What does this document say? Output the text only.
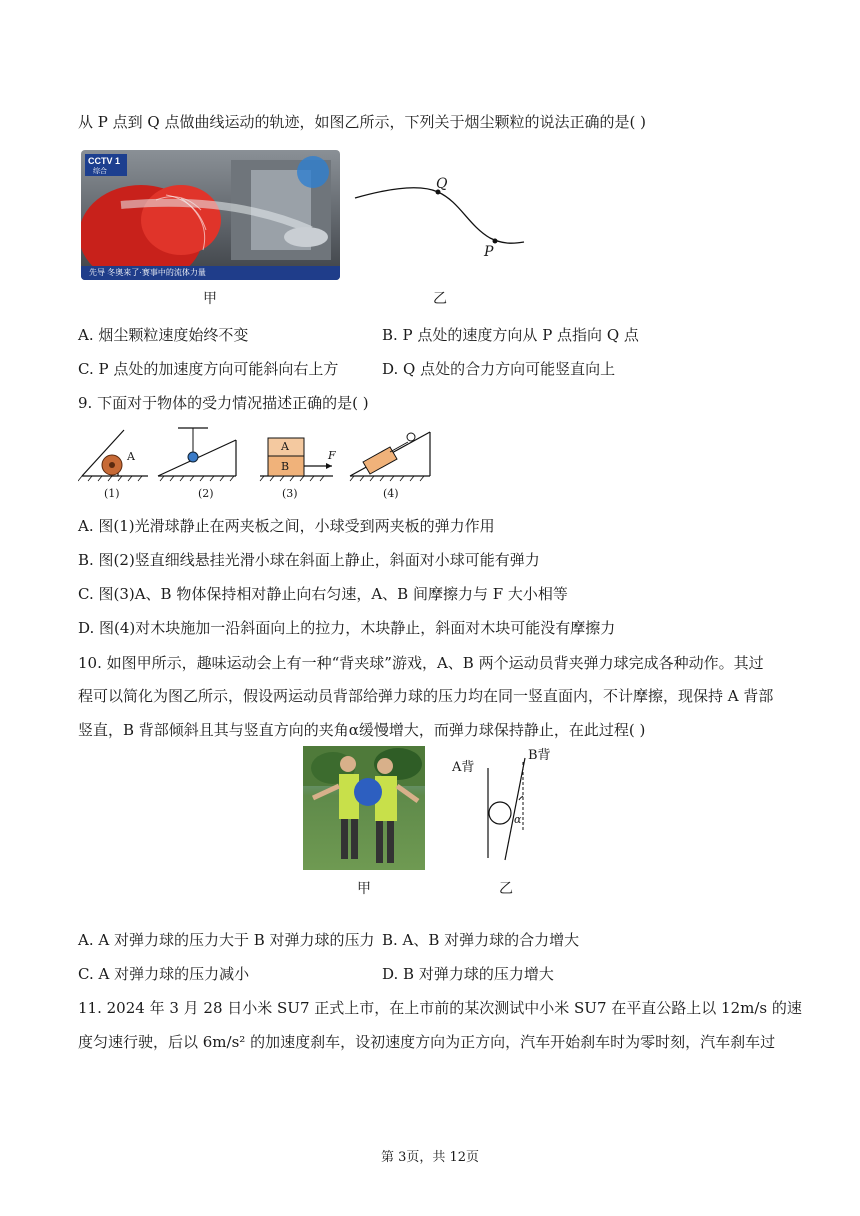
从 P 点到 Q 点做曲线运动的轨迹，如图乙所示，下列关于烟尘颗粒的说法正确的是( )
CCTV 1
综合
先导 冬奥来了·赛事中的流体力量
甲
Q
P
乙
A. 烟尘颗粒速度始终不变	B. P 点处的速度方向从 P 点指向 Q 点
C. P 点处的加速度方向可能斜向右上方	D. Q 点处的合力方向可能竖直向上
9. 下面对于物体的受力情况描述正确的是( )
A
A
B
F
(1)	(2)	(3)	(4)
A. 图(1)光滑球静止在两夹板之间，小球受到两夹板的弹力作用
B. 图(2)竖直细线悬挂光滑小球在斜面上静止，斜面对小球可能有弹力
C. 图(3)A、B 物体保持相对静止向右匀速，A、B 间摩擦力与 F 大小相等
D. 图(4)对木块施加一沿斜面向上的拉力，木块静止，斜面对木块可能没有摩擦力
10. 如图甲所示，趣味运动会上有一种“背夹球”游戏，A、B 两个运动员背夹弹力球完成各种动作。其过
程可以简化为图乙所示，假设两运动员背部给弹力球的压力均在同一竖直面内，不计摩擦，现保持 A 背部
竖直，B 背部倾斜且其与竖直方向的夹角α缓慢增大，而弹力球保持静止，在此过程( )
甲
A背
B背
α
乙
A. A 对弹力球的压力大于 B 对弹力球的压力 B. A、B 对弹力球的合力增大
C. A 对弹力球的压力减小	D. B 对弹力球的压力增大
11. 2024 年 3 月 28 日小米 SU7 正式上市，在上市前的某次测试中小米 SU7 在平直公路上以 12m/s 的速
度匀速行驶，后以 6m/s² 的加速度刹车，设初速度方向为正方向，汽车开始刹车时为零时刻，汽车刹车过
第 3页，共 12页
